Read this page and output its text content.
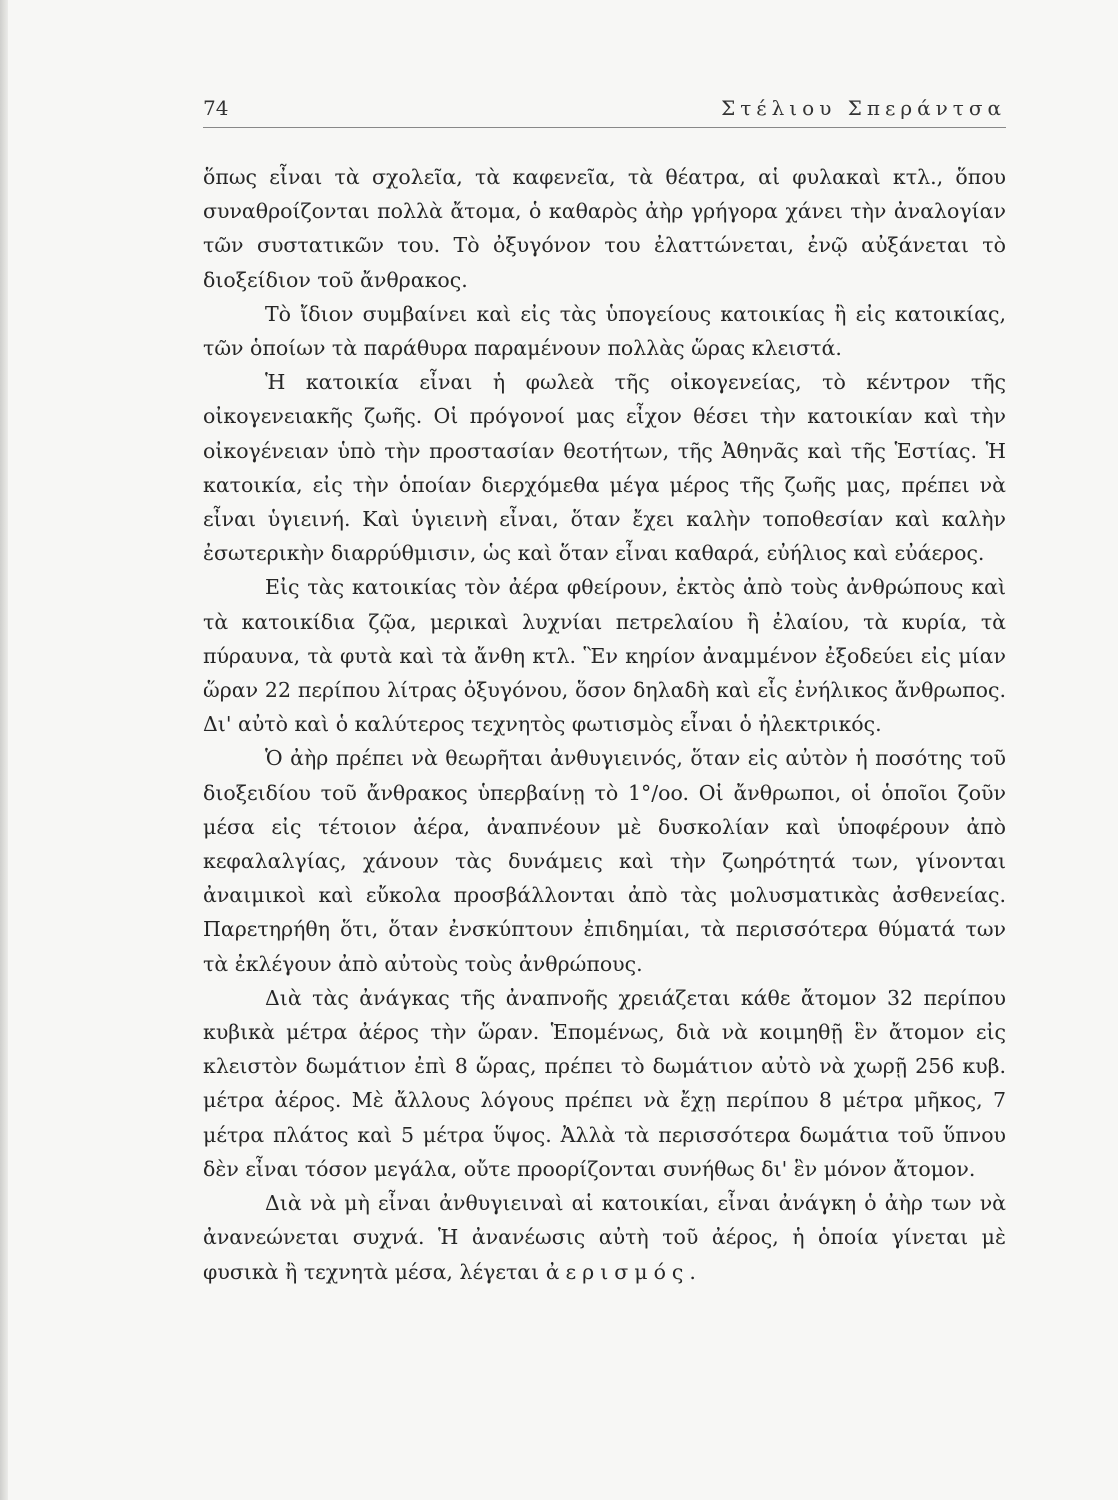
74	Στέλιου Σπεράντσα

ὅπως εἶναι τὰ σχολεῖα, τὰ καφενεῖα, τὰ θέατρα, αἱ φυλακαὶ κτλ., ὅπου συναθροίζονται πολλὰ ἄτομα, ὁ καθαρὸς ἀὴρ γρήγορα χάνει τὴν ἀναλογίαν τῶν συστατικῶν του. Τὸ ὀξυγόνον του ἐλαττώνεται, ἐνῷ αὐξάνεται τὸ διοξείδιον τοῦ ἄνθρακος.

Τὸ ἴδιον συμβαίνει καὶ εἰς τὰς ὑπογείους κατοικίας ἢ εἰς κατοικίας, τῶν ὁποίων τὰ παράθυρα παραμένουν πολλὰς ὥρας κλειστά.

Ἡ κατοικία εἶναι ἡ φωλεὰ τῆς οἰκογενείας, τὸ κέντρον τῆς οἰκογενειακῆς ζωῆς. Οἱ πρόγονοί μας εἶχον θέσει τὴν κατοικίαν καὶ τὴν οἰκογένειαν ὑπὸ τὴν προστασίαν θεοτήτων, τῆς Ἀθηνᾶς καὶ τῆς Ἑστίας. Ἡ κατοικία, εἰς τὴν ὁποίαν διερχόμεθα μέγα μέρος τῆς ζωῆς μας, πρέπει νὰ εἶναι ὑγιεινή. Καὶ ὑγιεινὴ εἶναι, ὅταν ἔχει καλὴν τοποθεσίαν καὶ καλὴν ἐσωτερικὴν διαρρύθμισιν, ὡς καὶ ὅταν εἶναι καθαρά, εὐήλιος καὶ εὐάερος.

Εἰς τὰς κατοικίας τὸν ἀέρα φθείρουν, ἐκτὸς ἀπὸ τοὺς ἀνθρώπους καὶ τὰ κατοικίδια ζῷα, μερικαὶ λυχνίαι πετρελαίου ἢ ἐλαίου, τὰ κυρία, τὰ πύραυνα, τὰ φυτὰ καὶ τὰ ἄνθη κτλ. Ἓν κηρίον ἀναμμένον ἐξοδεύει εἰς μίαν ὥραν 22 περίπου λίτρας ὀξυγόνου, ὅσον δηλαδὴ καὶ εἷς ἐνήλικος ἄνθρωπος. Δι' αὐτὸ καὶ ὁ καλύτερος τεχνητὸς φωτισμὸς εἶναι ὁ ἠλεκτρικός.

Ὁ ἀὴρ πρέπει νὰ θεωρῆται ἀνθυγιεινός, ὅταν εἰς αὐτὸν ἡ ποσότης τοῦ διοξειδίου τοῦ ἄνθρακος ὑπερβαίνῃ τὸ 1°/oo. Οἱ ἄνθρωποι, οἱ ὁποῖοι ζοῦν μέσα εἰς τέτοιον ἀέρα, ἀναπνέουν μὲ δυσκολίαν καὶ ὑποφέρουν ἀπὸ κεφαλαλγίας, χάνουν τὰς δυνάμεις καὶ τὴν ζωηρότητά των, γίνονται ἀναιμικοὶ καὶ εὔκολα προσβάλλονται ἀπὸ τὰς μολυσματικὰς ἀσθενείας. Παρετηρήθη ὅτι, ὅταν ἐνσκύπτουν ἐπιδημίαι, τὰ περισσότερα θύματά των τὰ ἐκλέγουν ἀπὸ αὐτοὺς τοὺς ἀνθρώπους.

Διὰ τὰς ἀνάγκας τῆς ἀναπνοῆς χρειάζεται κάθε ἄτομον 32 περίπου κυβικὰ μέτρα ἀέρος τὴν ὥραν. Ἑπομένως, διὰ νὰ κοιμηθῇ ἓν ἄτομον εἰς κλειστὸν δωμάτιον ἐπὶ 8 ὥρας, πρέπει τὸ δωμάτιον αὐτὸ νὰ χωρῇ 256 κυβ. μέτρα ἀέρος. Μὲ ἄλλους λόγους πρέπει νὰ ἔχῃ περίπου 8 μέτρα μῆκος, 7 μέτρα πλάτος καὶ 5 μέτρα ὕψος. Ἀλλὰ τὰ περισσότερα δωμάτια τοῦ ὕπνου δὲν εἶναι τόσον μεγάλα, οὔτε προορίζονται συνήθως δι' ἓν μόνον ἄτομον.

Διὰ νὰ μὴ εἶναι ἀνθυγιειναὶ αἱ κατοικίαι, εἶναι ἀνάγκη ὁ ἀὴρ των νὰ ἀνανεώνεται συχνά. Ἡ ἀνανέωσις αὐτὴ τοῦ ἀέρος, ἡ ὁποία γίνεται μὲ φυσικὰ ἢ τεχνητὰ μέσα, λέγεται ἀερισμός.
